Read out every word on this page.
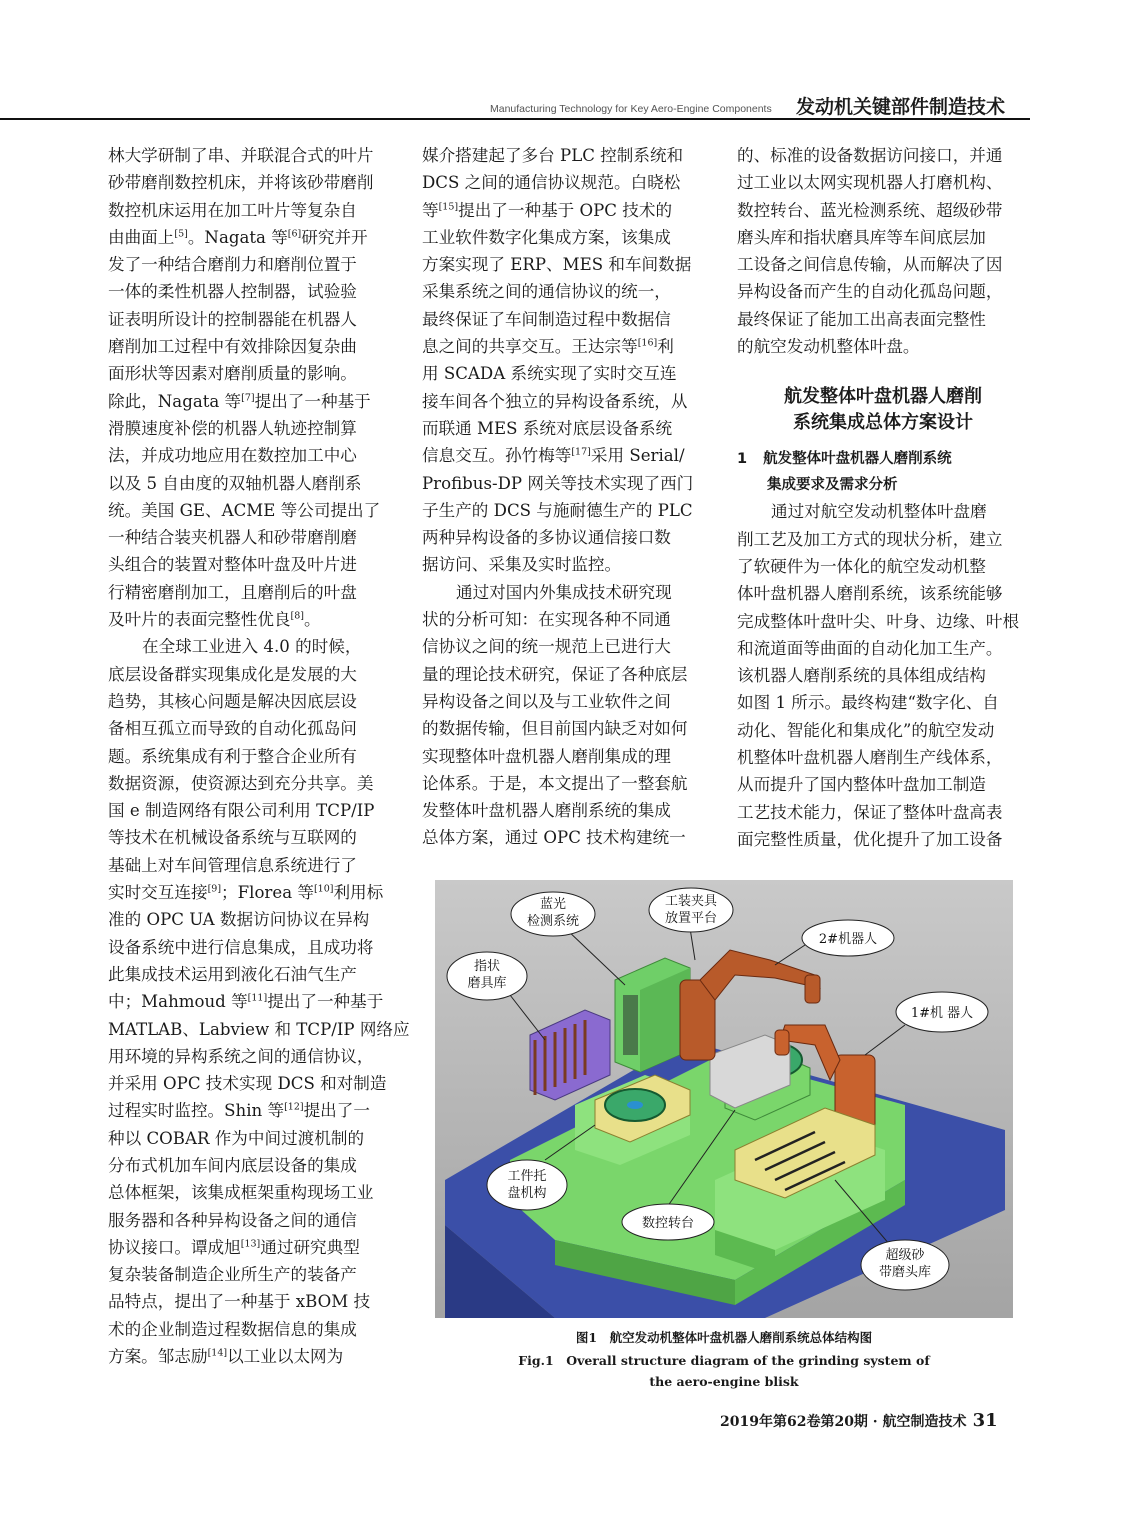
Manufacturing Technology for Key Aero-Engine Components 发动机关键部件制造技术
林大学研制了串、并联混合式的叶片
砂带磨削数控机床，并将该砂带磨削
数控机床运用在加工叶片等复杂自
由曲面上[5]。Nagata 等[6]研究并开
发了一种结合磨削力和磨削位置于
一体的柔性机器人控制器，试验验
证表明所设计的控制器能在机器人
磨削加工过程中有效排除因复杂曲
面形状等因素对磨削质量的影响。
除此，Nagata 等[7]提出了一种基于
滑膜速度补偿的机器人轨迹控制算
法，并成功地应用在数控加工中心
以及 5 自由度的双轴机器人磨削系
统。美国 GE、ACME 等公司提出了
一种结合装夹机器人和砂带磨削磨
头组合的装置对整体叶盘及叶片进
行精密磨削加工，且磨削后的叶盘
及叶片的表面完整性优良[8]。
在全球工业进入 4.0 的时候，
底层设备群实现集成化是发展的大
趋势，其核心问题是解决因底层设
备相互孤立而导致的自动化孤岛问
题。系统集成有利于整合企业所有
数据资源，使资源达到充分共享。美
国 e 制造网络有限公司利用 TCP/IP
等技术在机械设备系统与互联网的
基础上对车间管理信息系统进行了
实时交互连接[9]；Florea 等[10]利用标
准的 OPC UA 数据访问协议在异构
设备系统中进行信息集成，且成功将
此集成技术运用到液化石油气生产
中；Mahmoud 等[11]提出了一种基于
MATLAB、Labview 和 TCP/IP 网络应
用环境的异构系统之间的通信协议，
并采用 OPC 技术实现 DCS 和对制造
过程实时监控。Shin 等[12]提出了一
种以 COBAR 作为中间过渡机制的
分布式机加车间内底层设备的集成
总体框架，该集成框架重构现场工业
服务器和各种异构设备之间的通信
协议接口。谭成旭[13]通过研究典型
复杂装备制造企业所生产的装备产
品特点，提出了一种基于 xBOM 技
术的企业制造过程数据信息的集成
方案。邹志励[14]以工业以太网为
媒介搭建起了多台 PLC 控制系统和
DCS 之间的通信协议规范。白晓松
等[15]提出了一种基于 OPC 技术的
工业软件数字化集成方案，该集成
方案实现了 ERP、MES 和车间数据
采集系统之间的通信协议的统一，
最终保证了车间制造过程中数据信
息之间的共享交互。王达宗等[16]利
用 SCADA 系统实现了实时交互连
接车间各个独立的异构设备系统，从
而联通 MES 系统对底层设备系统
信息交互。孙竹梅等[17]采用 Serial/
Profibus-DP 网关等技术实现了西门
子生产的 DCS 与施耐德生产的 PLC
两种异构设备的多协议通信接口数
据访问、采集及实时监控。
通过对国内外集成技术研究现
状的分析可知：在实现各种不同通
信协议之间的统一规范上已进行大
量的理论技术研究，保证了各种底层
异构设备之间以及与工业软件之间
的数据传输，但目前国内缺乏对如何
实现整体叶盘机器人磨削集成的理
论体系。于是，本文提出了一整套航
发整体叶盘机器人磨削系统的集成
总体方案，通过 OPC 技术构建统一
的、标准的设备数据访问接口，并通
过工业以太网实现机器人打磨机构、
数控转台、蓝光检测系统、超级砂带
磨头库和指状磨具库等车间底层加
工设备之间信息传输，从而解决了因
异构设备而产生的自动化孤岛问题，
最终保证了能加工出高表面完整性
的航空发动机整体叶盘。
航发整体叶盘机器人磨削
系统集成总体方案设计
1 航发整体叶盘机器人磨削系统
集成要求及需求分析
通过对航空发动机整体叶盘磨
削工艺及加工方式的现状分析，建立
了软硬件为一体化的航空发动机整
体叶盘机器人磨削系统，该系统能够
完成整体叶盘叶尖、叶身、边缘、叶根
和流道面等曲面的自动化加工生产。
该机器人磨削系统的具体组成结构
如图 1 所示。最终构建“数字化、自
动化、智能化和集成化”的航空发动
机整体叶盘机器人磨削生产线体系，
从而提升了国内整体叶盘加工制造
工艺技术能力，保证了整体叶盘高表
面完整性质量，优化提升了加工设备
蓝光
检测系统
工装夹具
放置平台
2#机器人
指状
磨具库
1#机 器人
工件托
盘机构
数控转台
超级砂
带磨头库
图1　航空发动机整体叶盘机器人磨削系统总体结构图
Fig.1　Overall structure diagram of the grinding system of
the aero-engine blisk
2019年第62卷第20期 · 航空制造技术 31
